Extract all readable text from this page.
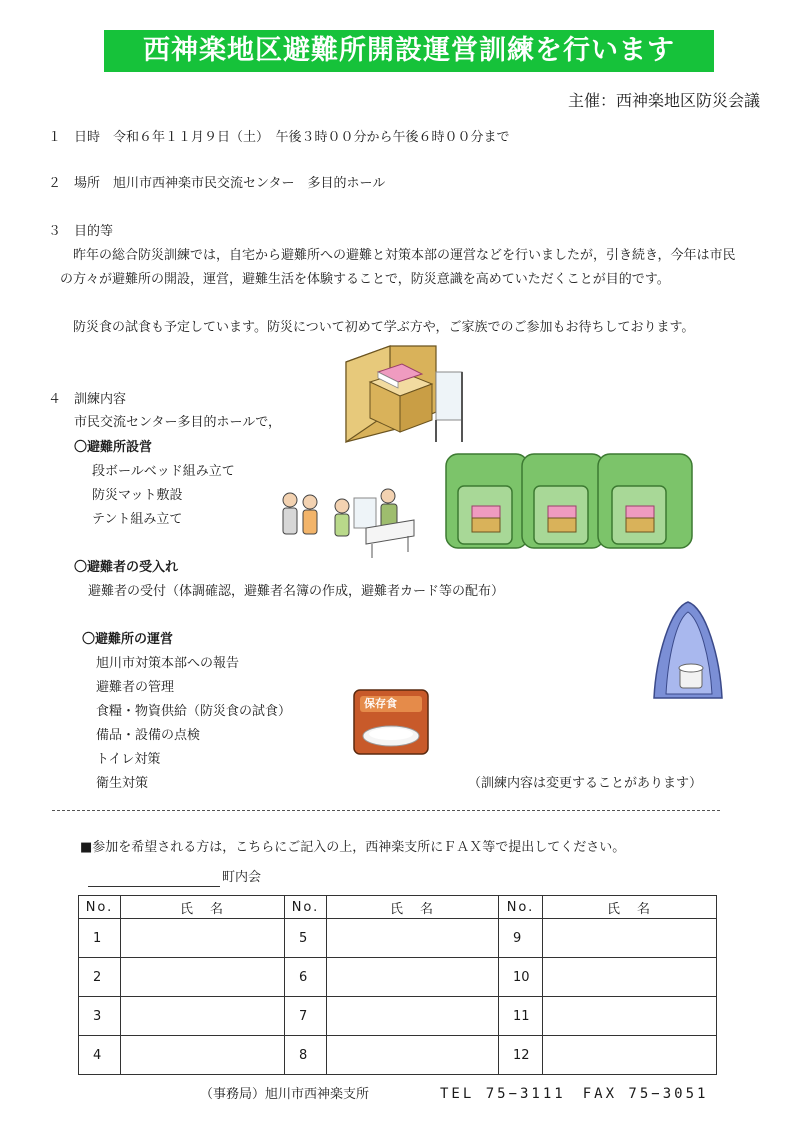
西神楽地区避難所開設運営訓練を行います
主催：西神楽地区防災会議
１ 日時　令和６年１１月９日（土）　午後３時００分から午後６時００分まで
２ 場所　旭川市西神楽市民交流センター　多目的ホール
３ 目的等
　昨年の総合防災訓練では，自宅から避難所への避難と対策本部の運営などを行いましたが，引き続き，今年は市民の方々が避難所の開設，運営，避難生活を体験することで，防災意識を高めていただくことが目的です。
　防災食の試食も予定しています。防災について初めて学ぶ方や，ご家族でのご参加もお待ちしております。
４ 訓練内容
市民交流センター多目的ホールで，
〇避難所設営
段ボールベッド組み立て
防災マット敷設
テント組み立て
〇避難者の受入れ
避難者の受付（体調確認，避難者名簿の作成，避難者カード等の配布）
〇避難所の運営
旭川市対策本部への報告
避難者の管理
食糧・物資供給（防災食の試食）
備品・設備の点検
トイレ対策
衛生対策	（訓練内容は変更することがあります）
保存食
■参加を希望される方は，こちらにご記入の上，西神楽支所にＦＡＸ等で提出してください。
町内会
No.	氏　名	No.	氏　名	No.	氏　名
1		5		9	
2		6		10	
3		7		11	
4		8		12	
（事務局）旭川市西神楽支所	TEL 75−3111　FAX 75−3051
